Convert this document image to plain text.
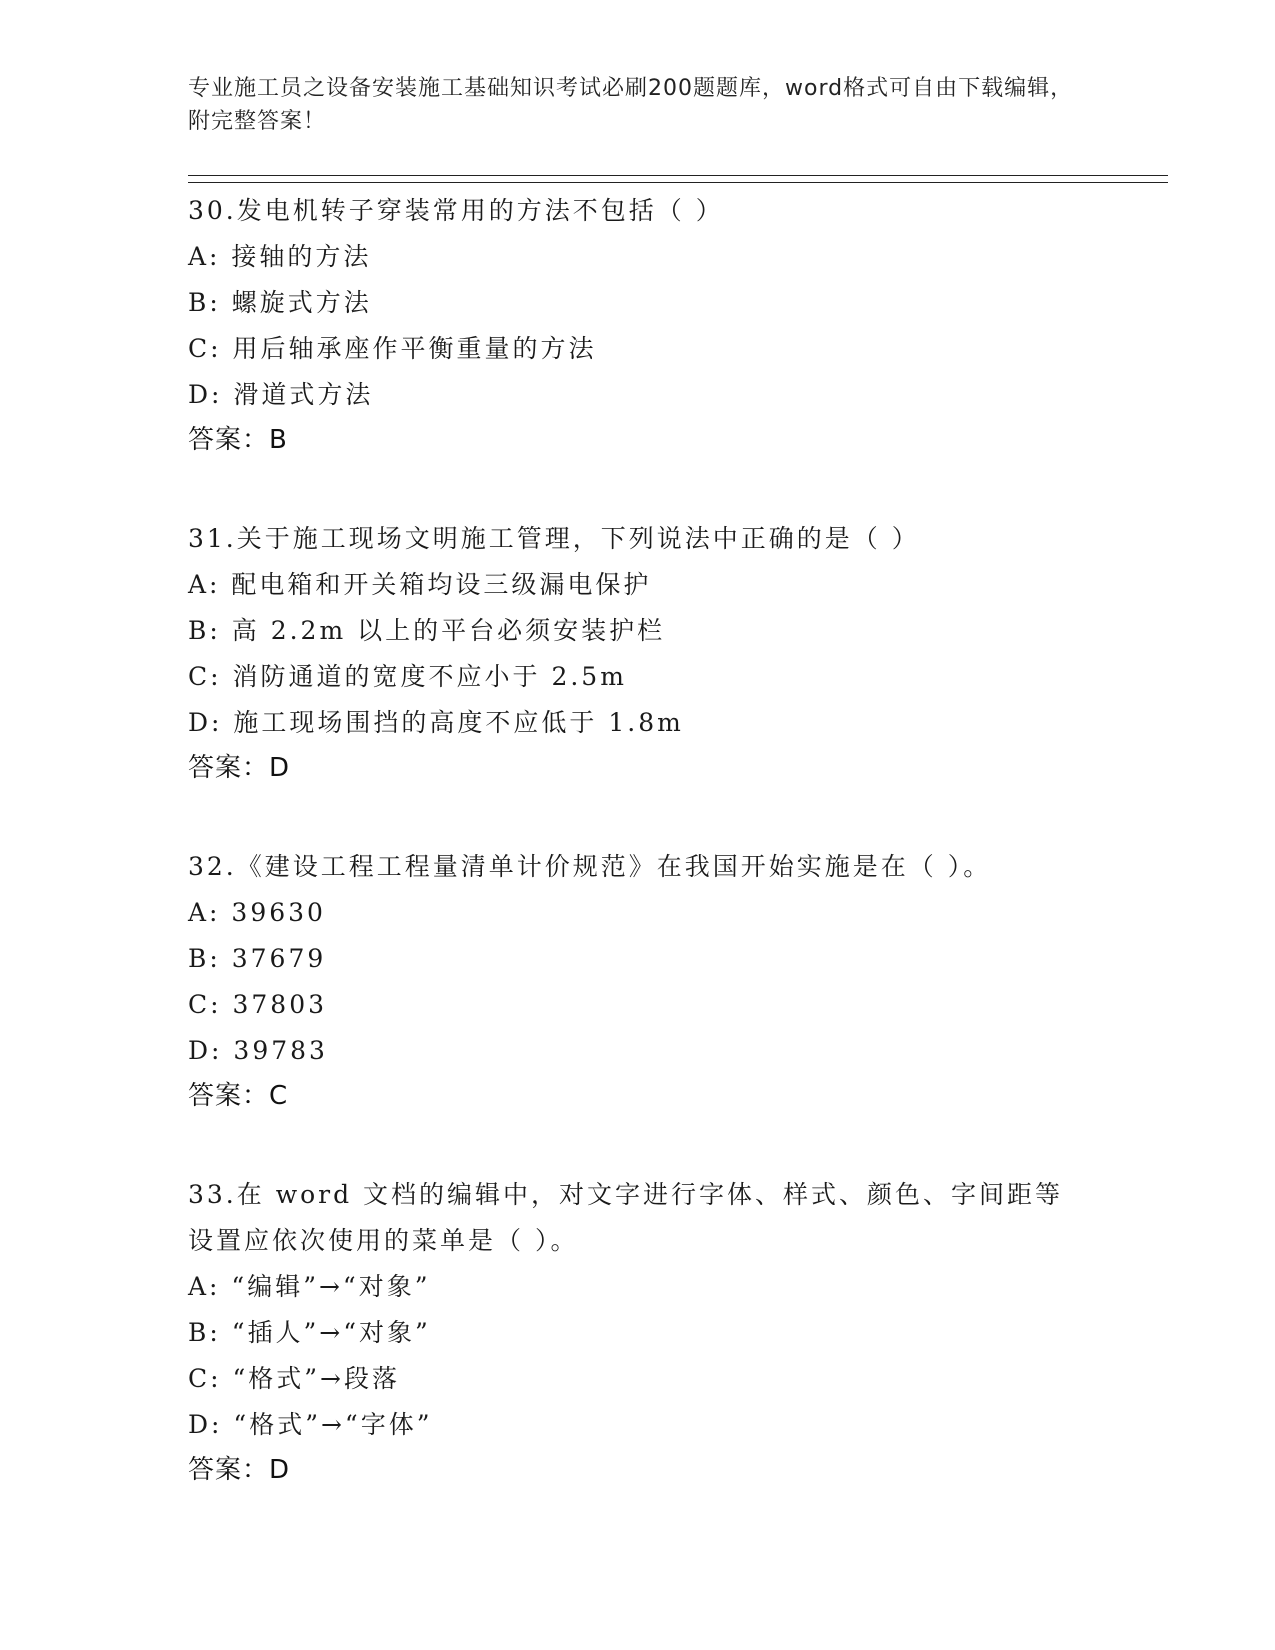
专业施工员之设备安装施工基础知识考试必刷200题题库，word格式可自由下载编辑，附完整答案！
30.发电机转子穿装常用的方法不包括（ ）
A: 接轴的方法
B: 螺旋式方法
C: 用后轴承座作平衡重量的方法
D: 滑道式方法
答案：B
31.关于施工现场文明施工管理，下列说法中正确的是（ ）
A: 配电箱和开关箱均设三级漏电保护
B: 高 2.2m 以上的平台必须安装护栏
C: 消防通道的宽度不应小于 2.5m
D: 施工现场围挡的高度不应低于 1.8m
答案：D
32.《建设工程工程量清单计价规范》在我国开始实施是在（ ）。
A: 39630
B: 37679
C: 37803
D: 39783
答案：C
33.在 word 文档的编辑中，对文字进行字体、样式、颜色、字间距等
设置应依次使用的菜单是（ ）。
A: “编辑”→“对象”
B: “插人”→“对象”
C: “格式”→段落
D: “格式”→“字体”
答案：D
